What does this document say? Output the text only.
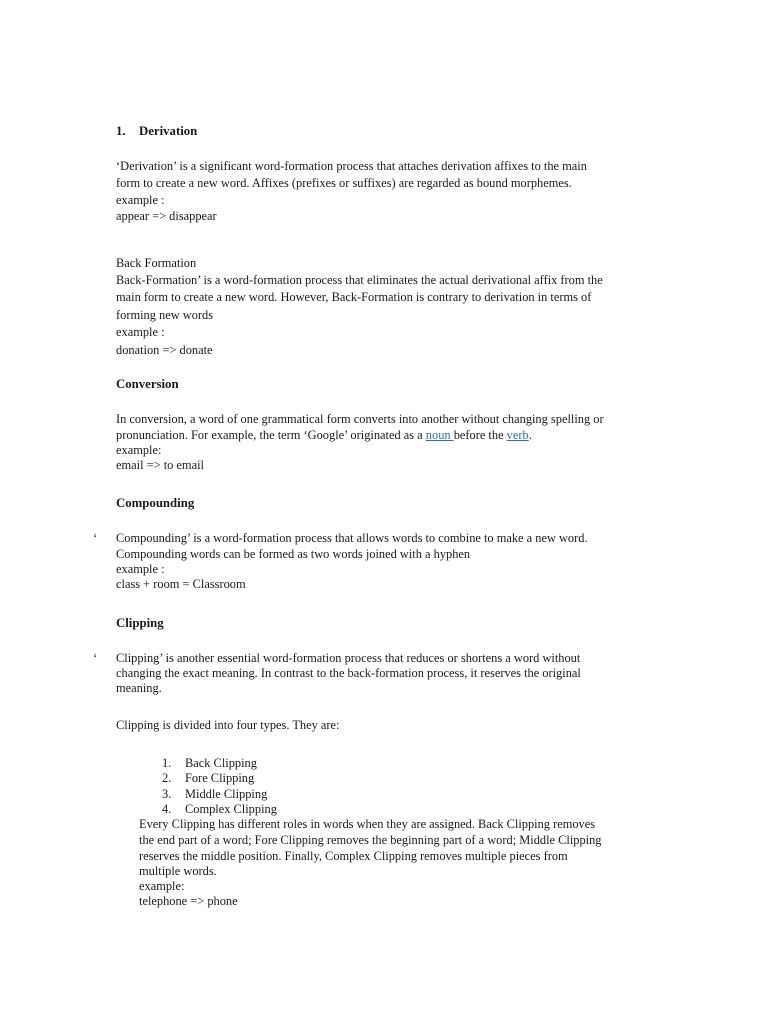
1. Derivation
‘Derivation’ is a significant word-formation process that attaches derivation affixes to the main
form to create a new word. Affixes (prefixes or suffixes) are regarded as bound morphemes.
example :
appear => disappear
Back Formation
Back-Formation’ is a word-formation process that eliminates the actual derivational affix from the
main form to create a new word. However, Back-Formation is contrary to derivation in terms of
forming new words
example :
donation => donate
Conversion
In conversion, a word of one grammatical form converts into another without changing spelling or
pronunciation. For example, the term ‘Google’ originated as a noun before the verb.
example:
email => to email
Compounding
‘ Compounding’ is a word-formation process that allows words to combine to make a new word.
Compounding words can be formed as two words joined with a hyphen
example :
class + room = Classroom
Clipping
‘ Clipping’ is another essential word-formation process that reduces or shortens a word without
changing the exact meaning. In contrast to the back-formation process, it reserves the original
meaning.
Clipping is divided into four types. They are:
1. Back Clipping
2. Fore Clipping
3. Middle Clipping
4. Complex Clipping
Every Clipping has different roles in words when they are assigned. Back Clipping removes
the end part of a word; Fore Clipping removes the beginning part of a word; Middle Clipping
reserves the middle position. Finally, Complex Clipping removes multiple pieces from
multiple words.
example:
telephone => phone
